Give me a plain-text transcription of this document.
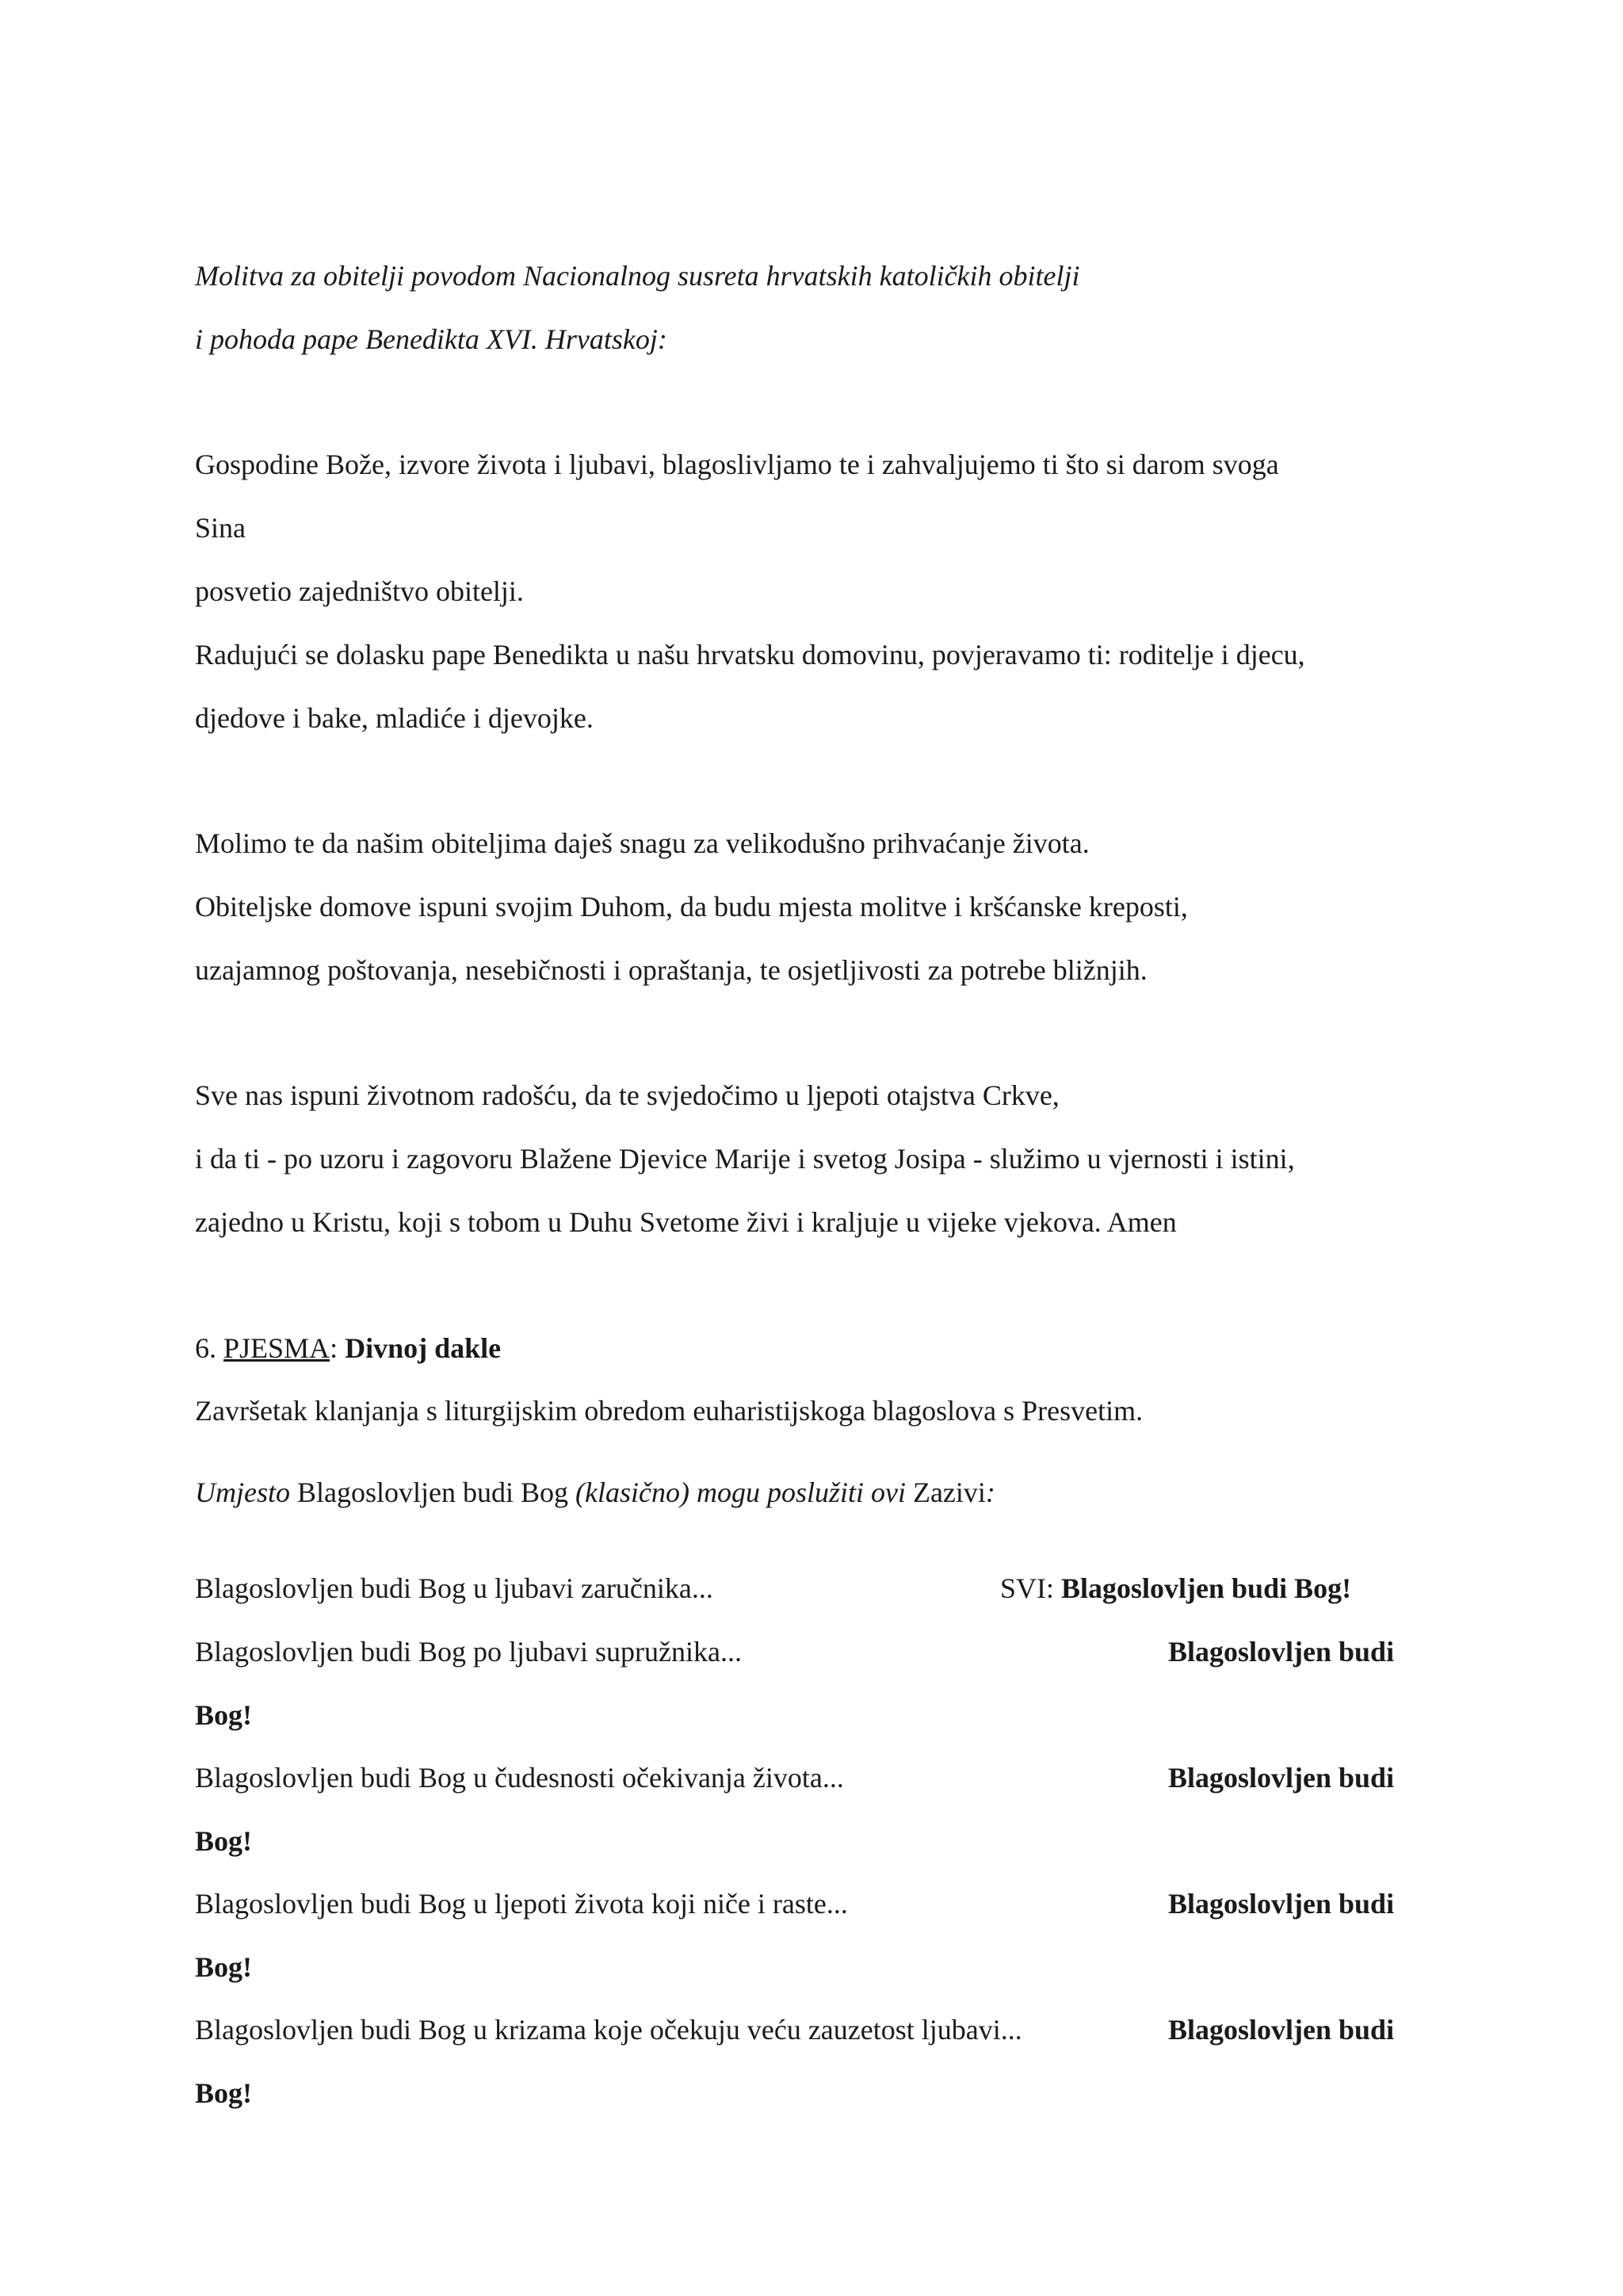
Molitva za obitelji povodom Nacionalnog susreta hrvatskih katoličkih obitelji
i pohoda pape Benedikta XVI. Hrvatskoj:
Gospodine Bože, izvore života i ljubavi, blagoslivljamo te i zahvaljujemo ti što si darom svoga
Sina
posvetio zajedništvo obitelji.
Radujući se dolasku pape Benedikta u našu hrvatsku domovinu, povjeravamo ti: roditelje i djecu,
djedove i bake, mladiće i djevojke.
Molimo te da našim obiteljima daješ snagu za velikodušno prihvaćanje života.
Obiteljske domove ispuni svojim Duhom, da budu mjesta molitve i kršćanske kreposti,
uzajamnog poštovanja, nesebičnosti i opraštanja, te osjetljivosti za potrebe bližnjih.
Sve nas ispuni životnom radošću, da te svjedočimo u ljepoti otajstva Crkve,
i da ti - po uzoru i zagovoru Blažene Djevice Marije i svetog Josipa - služimo u vjernosti i istini,
zajedno u Kristu, koji s tobom u Duhu Svetome živi i kraljuje u vijeke vjekova. Amen
6. PJESMA: Divnoj dakle
Završetak klanjanja s liturgijskim obredom euharistijskoga blagoslova s Presvetim.
Umjesto Blagoslovljen budi Bog (klasično) mogu poslužiti ovi Zazivi:
Blagoslovljen budi Bog u ljubavi zaručnika...	SVI: Blagoslovljen budi Bog!
Blagoslovljen budi Bog po ljubavi supružnika...	Blagoslovljen budi
Bog!
Blagoslovljen budi Bog u čudesnosti očekivanja života...	Blagoslovljen budi
Bog!
Blagoslovljen budi Bog u ljepoti života koji niče i raste...	Blagoslovljen budi
Bog!
Blagoslovljen budi Bog u krizama koje očekuju veću zauzetost ljubavi...	Blagoslovljen budi
Bog!
